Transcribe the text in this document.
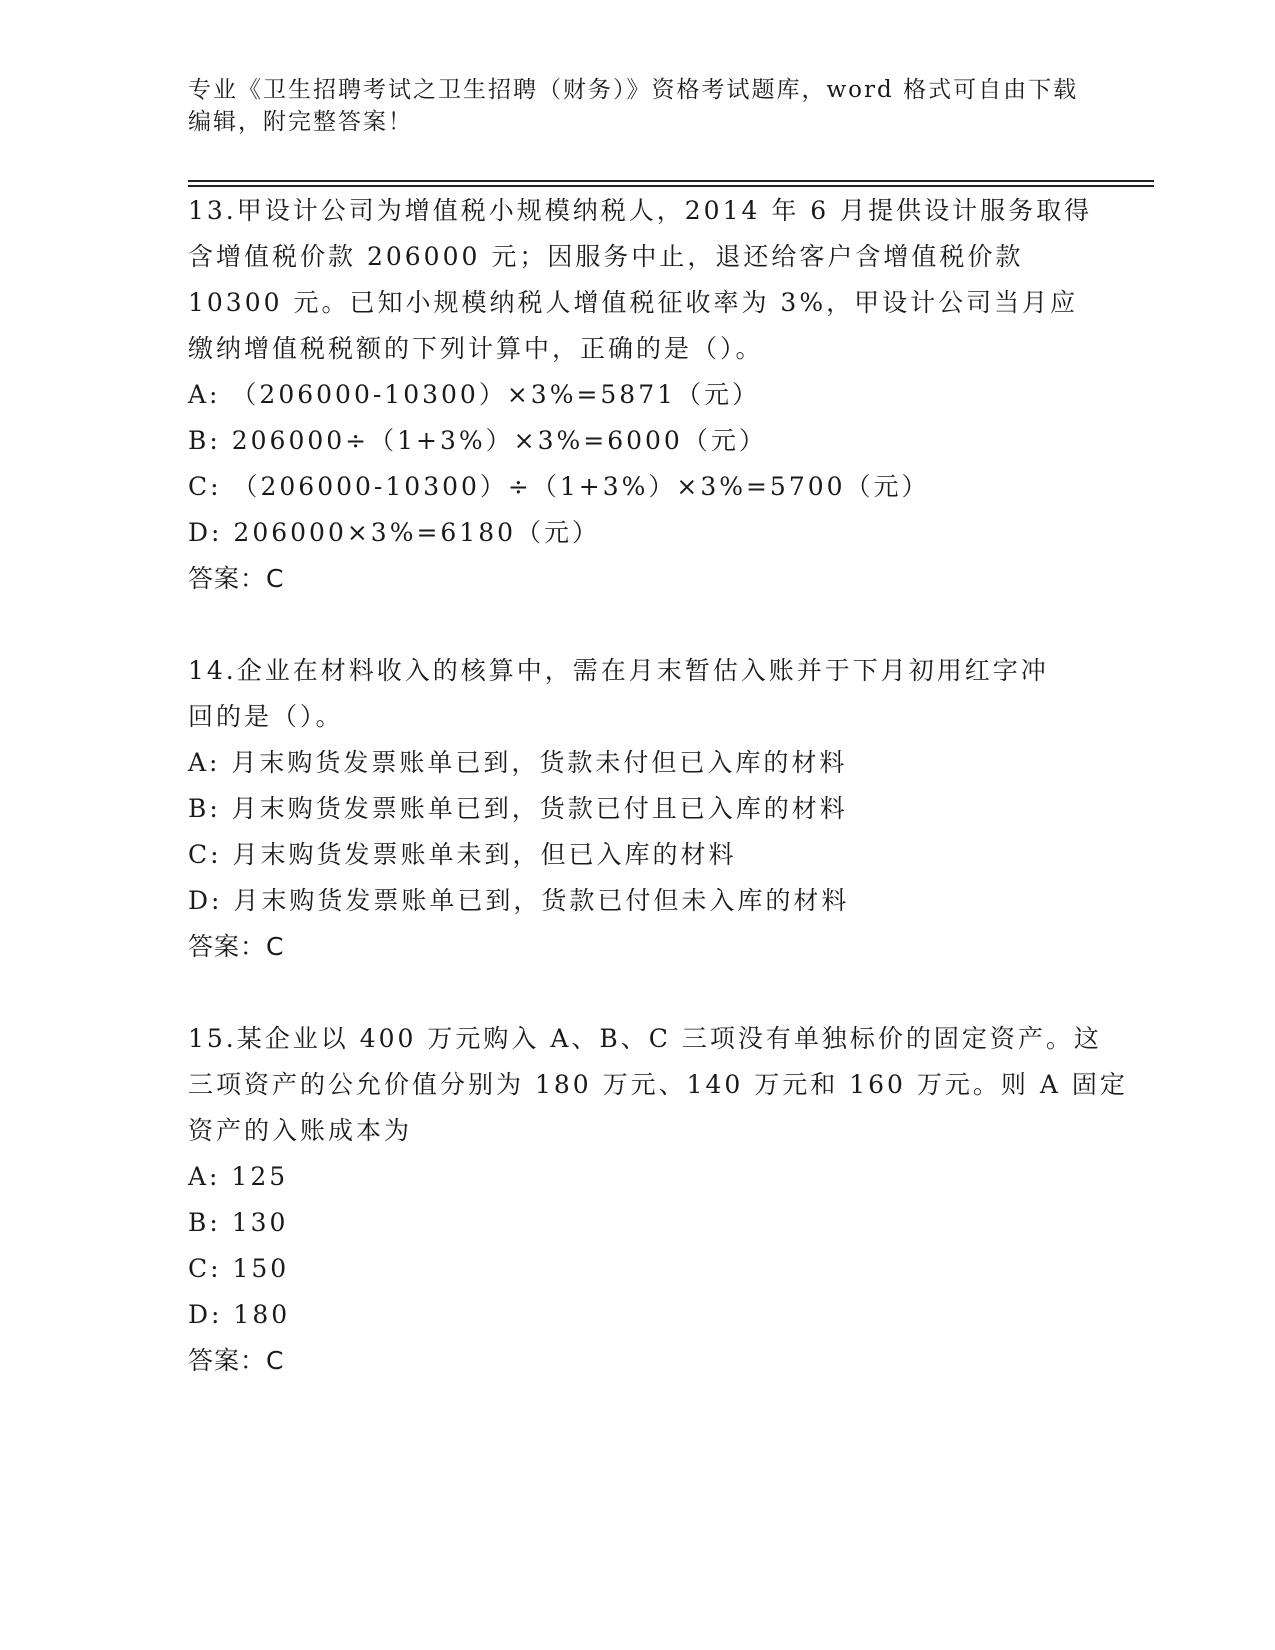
专业《卫生招聘考试之卫生招聘（财务）》资格考试题库，word 格式可自由下载
编辑，附完整答案！
13.甲设计公司为增值税小规模纳税人，2014 年 6 月提供设计服务取得
含增值税价款 206000 元；因服务中止，退还给客户含增值税价款
10300 元。已知小规模纳税人增值税征收率为 3%，甲设计公司当月应
缴纳增值税税额的下列计算中，正确的是（）。
A: （206000-10300）×3%=5871（元）
B: 206000÷（1+3%）×3%=6000（元）
C: （206000-10300）÷（1+3%）×3%=5700（元）
D: 206000×3%=6180（元）
答案：C
14.企业在材料收入的核算中，需在月末暂估入账并于下月初用红字冲
回的是（）。
A: 月末购货发票账单已到，货款未付但已入库的材料
B: 月末购货发票账单已到，货款已付且已入库的材料
C: 月末购货发票账单未到，但已入库的材料
D: 月末购货发票账单已到，货款已付但未入库的材料
答案：C
15.某企业以 400 万元购入 A、B、C 三项没有单独标价的固定资产。这
三项资产的公允价值分别为 180 万元、140 万元和 160 万元。则 A 固定
资产的入账成本为
A: 125
B: 130
C: 150
D: 180
答案：C
